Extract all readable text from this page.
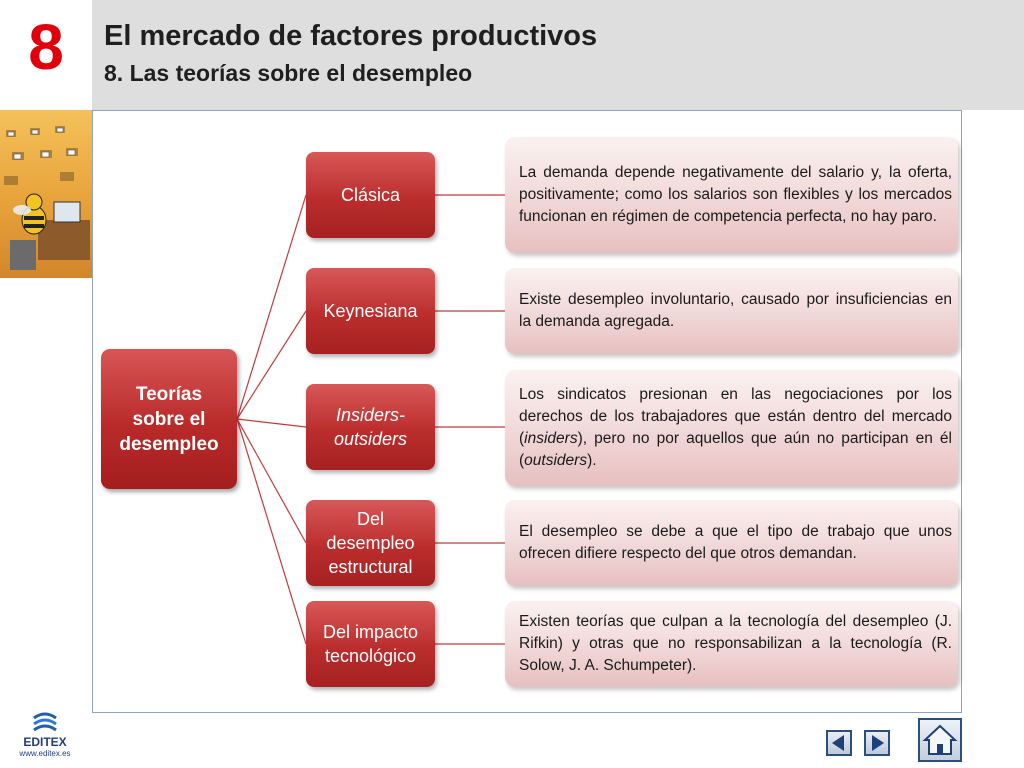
8	El mercado de factores productivos
8. Las teorías sobre el desempleo
Teorías
sobre el
desempleo
Clásica
Keynesiana
Insiders-
outsiders
Del
desempleo
estructural
Del impacto
tecnológico
La demanda depende negativamente del salario y, la oferta, positivamente; como los salarios son flexibles y los mercados funcionan en régimen de competencia perfecta, no hay paro.
Existe desempleo involuntario, causado por insuficiencias en la demanda agregada.
Los sindicatos presionan en las negociaciones por los derechos de los trabajadores que están dentro del mercado (insiders), pero no por aquellos que aún no participan en él (outsiders).
El desempleo se debe a que el tipo de trabajo que unos ofrecen difiere respecto del que otros demandan.
Existen teorías que culpan a la tecnología del desempleo (J. Rifkin) y otras que no responsabilizan a la tecnología (R. Solow, J. A. Schumpeter).
EDITEX
www.editex.es
